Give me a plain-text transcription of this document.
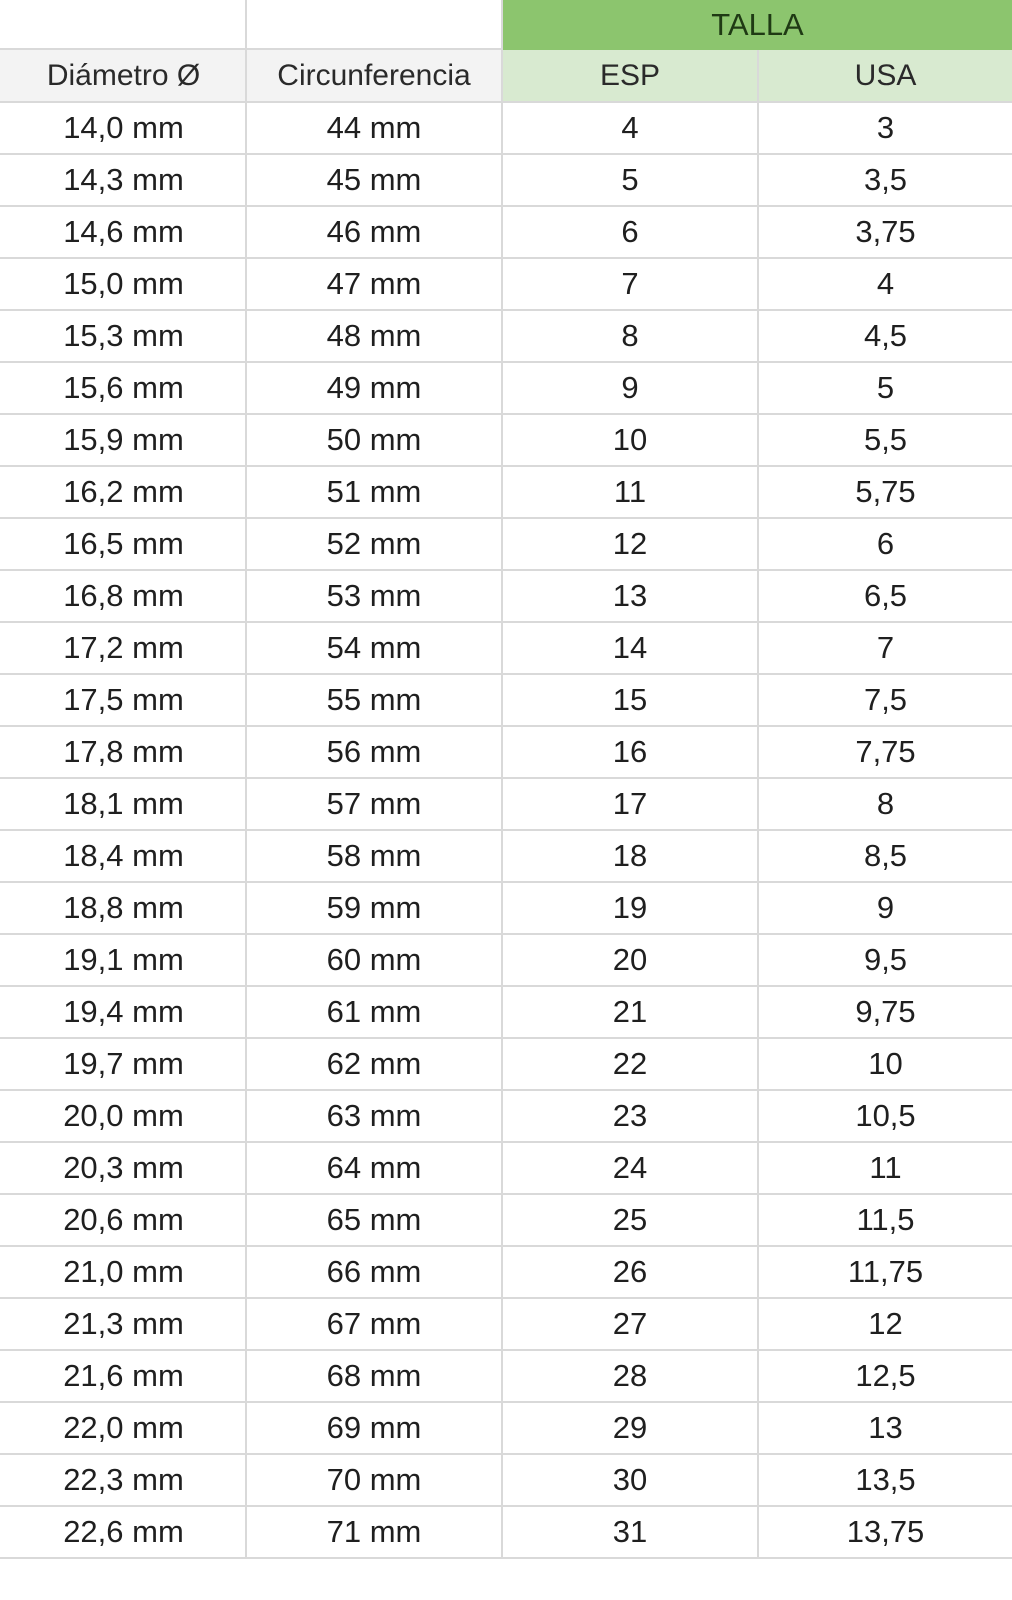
		TALLA	
Diámetro Ø	Circunferencia	ESP	USA
14,0 mm	44 mm	4	3
14,3 mm	45 mm	5	3,5
14,6 mm	46 mm	6	3,75
15,0 mm	47 mm	7	4
15,3 mm	48 mm	8	4,5
15,6 mm	49 mm	9	5
15,9 mm	50 mm	10	5,5
16,2 mm	51 mm	11	5,75
16,5 mm	52 mm	12	6
16,8 mm	53 mm	13	6,5
17,2 mm	54 mm	14	7
17,5 mm	55 mm	15	7,5
17,8 mm	56 mm	16	7,75
18,1 mm	57 mm	17	8
18,4 mm	58 mm	18	8,5
18,8 mm	59 mm	19	9
19,1 mm	60 mm	20	9,5
19,4 mm	61 mm	21	9,75
19,7 mm	62 mm	22	10
20,0 mm	63 mm	23	10,5
20,3 mm	64 mm	24	11
20,6 mm	65 mm	25	11,5
21,0 mm	66 mm	26	11,75
21,3 mm	67 mm	27	12
21,6 mm	68 mm	28	12,5
22,0 mm	69 mm	29	13
22,3 mm	70 mm	30	13,5
22,6 mm	71 mm	31	13,75
